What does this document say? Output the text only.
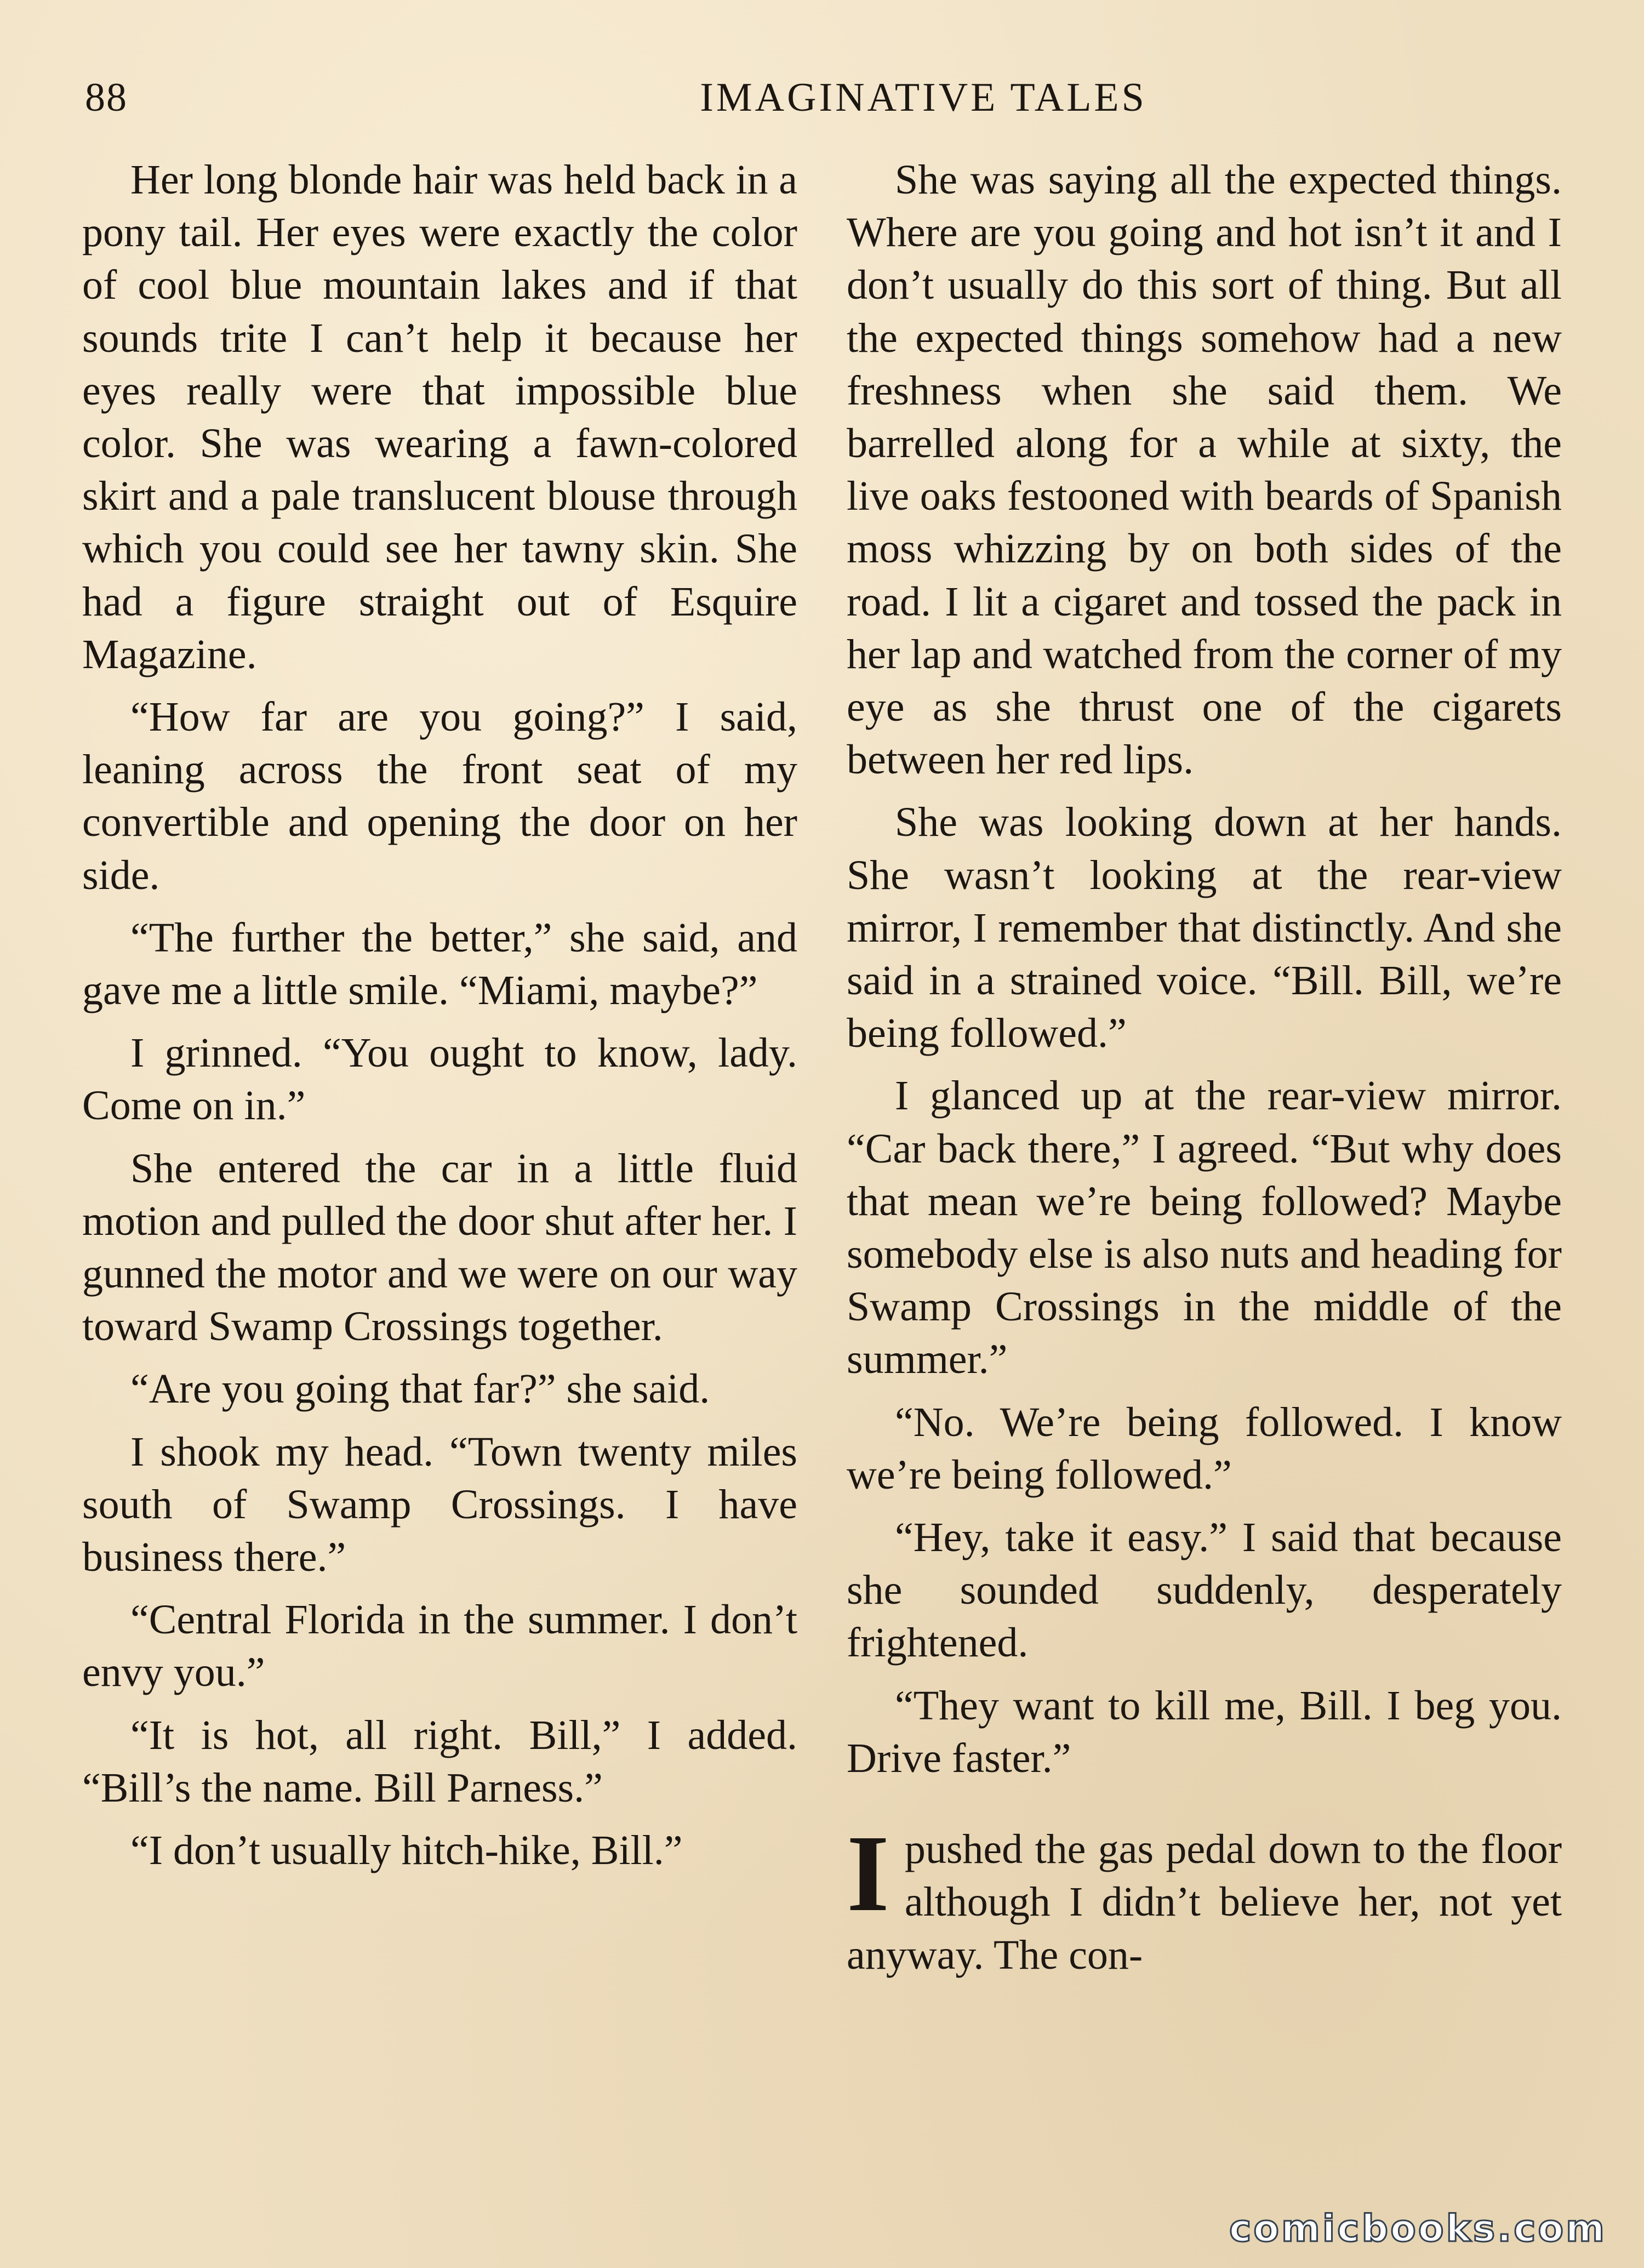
88	IMAGINATIVE TALES

Her long blonde hair was held back in a pony tail. Her eyes were exactly the color of cool blue mountain lakes and if that sounds trite I can’t help it because her eyes really were that impossible blue color. She was wearing a fawn-colored skirt and a pale translucent blouse through which you could see her tawny skin. She had a figure straight out of Esquire Magazine.

“How far are you going?” I said, leaning across the front seat of my convertible and opening the door on her side.

“The further the better,” she said, and gave me a little smile. “Miami, maybe?”

I grinned. “You ought to know, lady. Come on in.”

She entered the car in a little fluid motion and pulled the door shut after her. I gunned the motor and we were on our way toward Swamp Crossings together.

“Are you going that far?” she said.

I shook my head. “Town twenty miles south of Swamp Crossings. I have business there.”

“Central Florida in the summer. I don’t envy you.”

“It is hot, all right. Bill,” I added. “Bill’s the name. Bill Parness.”

“I don’t usually hitch-hike, Bill.”

She was saying all the expected things. Where are you going and hot isn’t it and I don’t usually do this sort of thing. But all the expected things somehow had a new freshness when she said them. We barrelled along for a while at sixty, the live oaks festooned with beards of Spanish moss whizzing by on both sides of the road. I lit a cigaret and tossed the pack in her lap and watched from the corner of my eye as she thrust one of the cigarets between her red lips.

She was looking down at her hands. She wasn’t looking at the rear-view mirror, I remember that distinctly. And she said in a strained voice. “Bill. Bill, we’re being followed.”

I glanced up at the rear-view mirror. “Car back there,” I agreed. “But why does that mean we’re being followed? Maybe somebody else is also nuts and heading for Swamp Crossings in the middle of the summer.”

“No. We’re being followed. I know we’re being followed.”

“Hey, take it easy.” I said that because she sounded suddenly, desperately frightened.

“They want to kill me, Bill. I beg you. Drive faster.”

I pushed the gas pedal down to the floor although I didn’t believe her, not yet anyway. The con-

comicbooks.com
